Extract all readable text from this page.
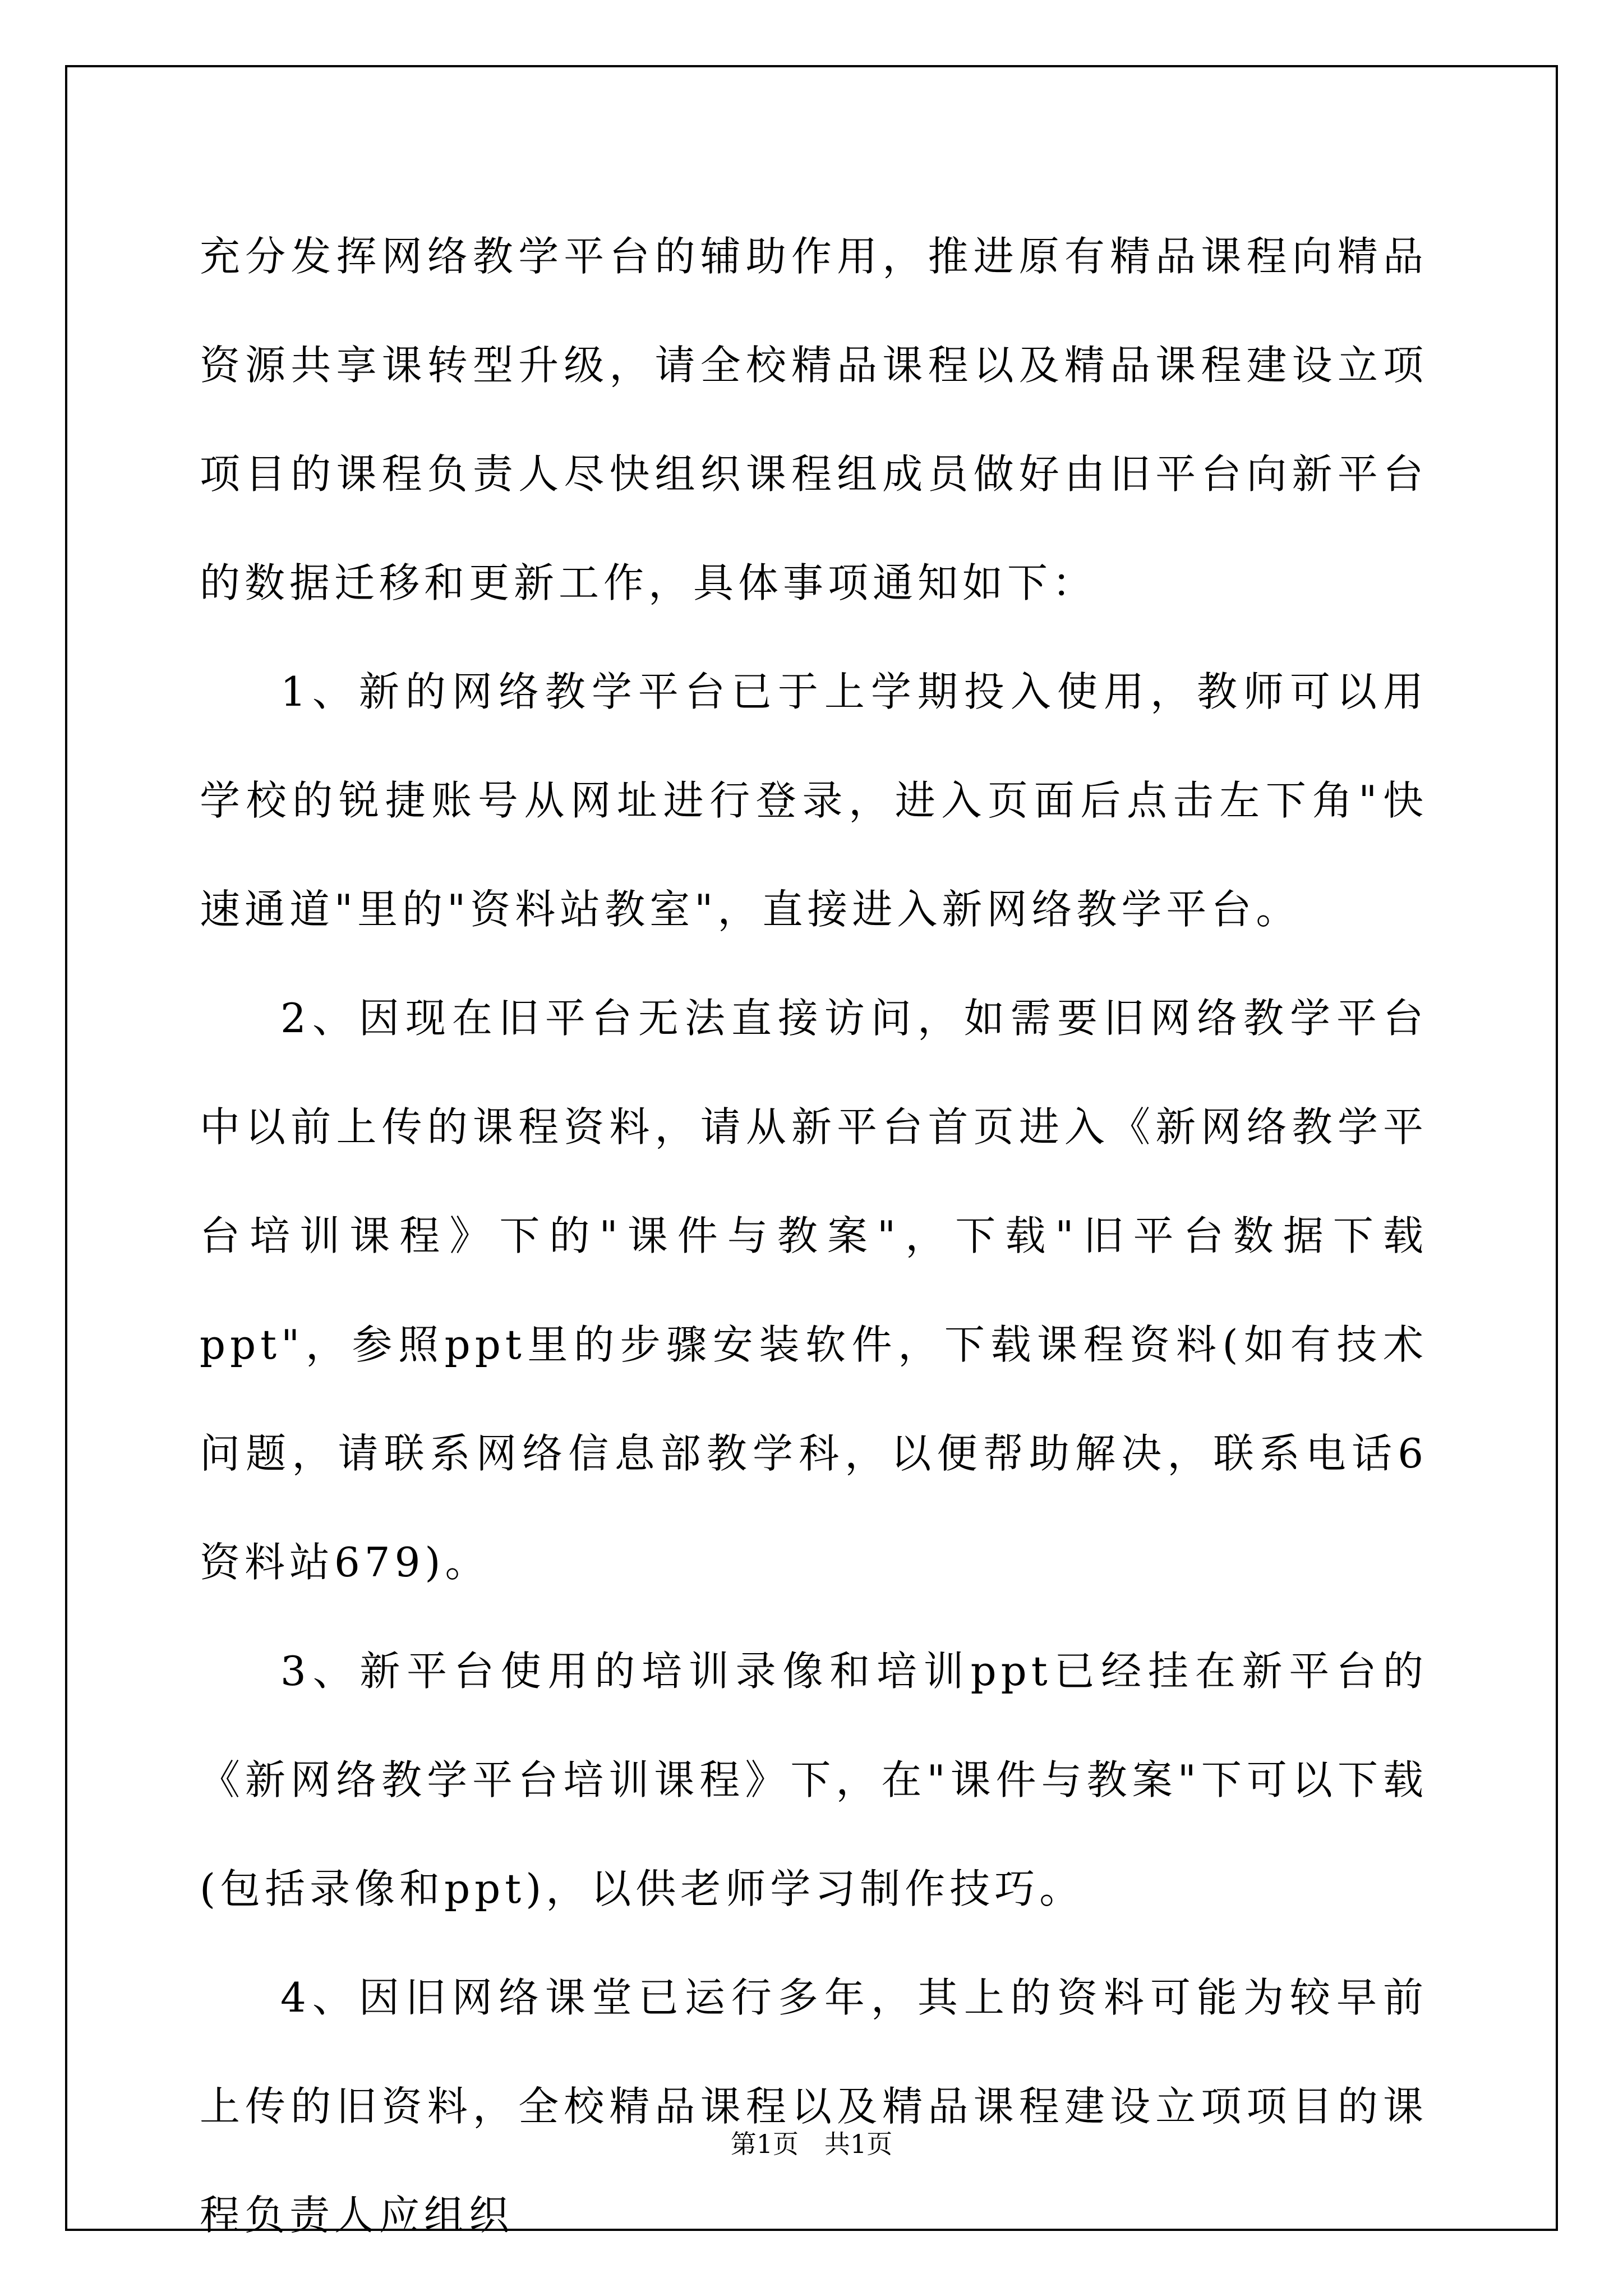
充分发挥网络教学平台的辅助作用，推进原有精品课程向精品资源共享课转型升级，请全校精品课程以及精品课程建设立项项目的课程负责人尽快组织课程组成员做好由旧平台向新平台的数据迁移和更新工作，具体事项通知如下：

1、新的网络教学平台已于上学期投入使用，教师可以用学校的锐捷账号从网址进行登录，进入页面后点击左下角"快速通道"里的"资料站教室"，直接进入新网络教学平台。

2、因现在旧平台无法直接访问，如需要旧网络教学平台中以前上传的课程资料，请从新平台首页进入《新网络教学平台培训课程》下的"课件与教案"，下载"旧平台数据下载ppt"，参照ppt里的步骤安装软件，下载课程资料(如有技术问题，请联系网络信息部教学科，以便帮助解决，联系电话6资料站679)。

3、新平台使用的培训录像和培训ppt已经挂在新平台的《新网络教学平台培训课程》下，在"课件与教案"下可以下载(包括录像和ppt)，以供老师学习制作技巧。

4、因旧网络课堂已运行多年，其上的资料可能为较早前上传的旧资料，全校精品课程以及精品课程建设立项项目的课程负责人应组织

第1页　共1页
